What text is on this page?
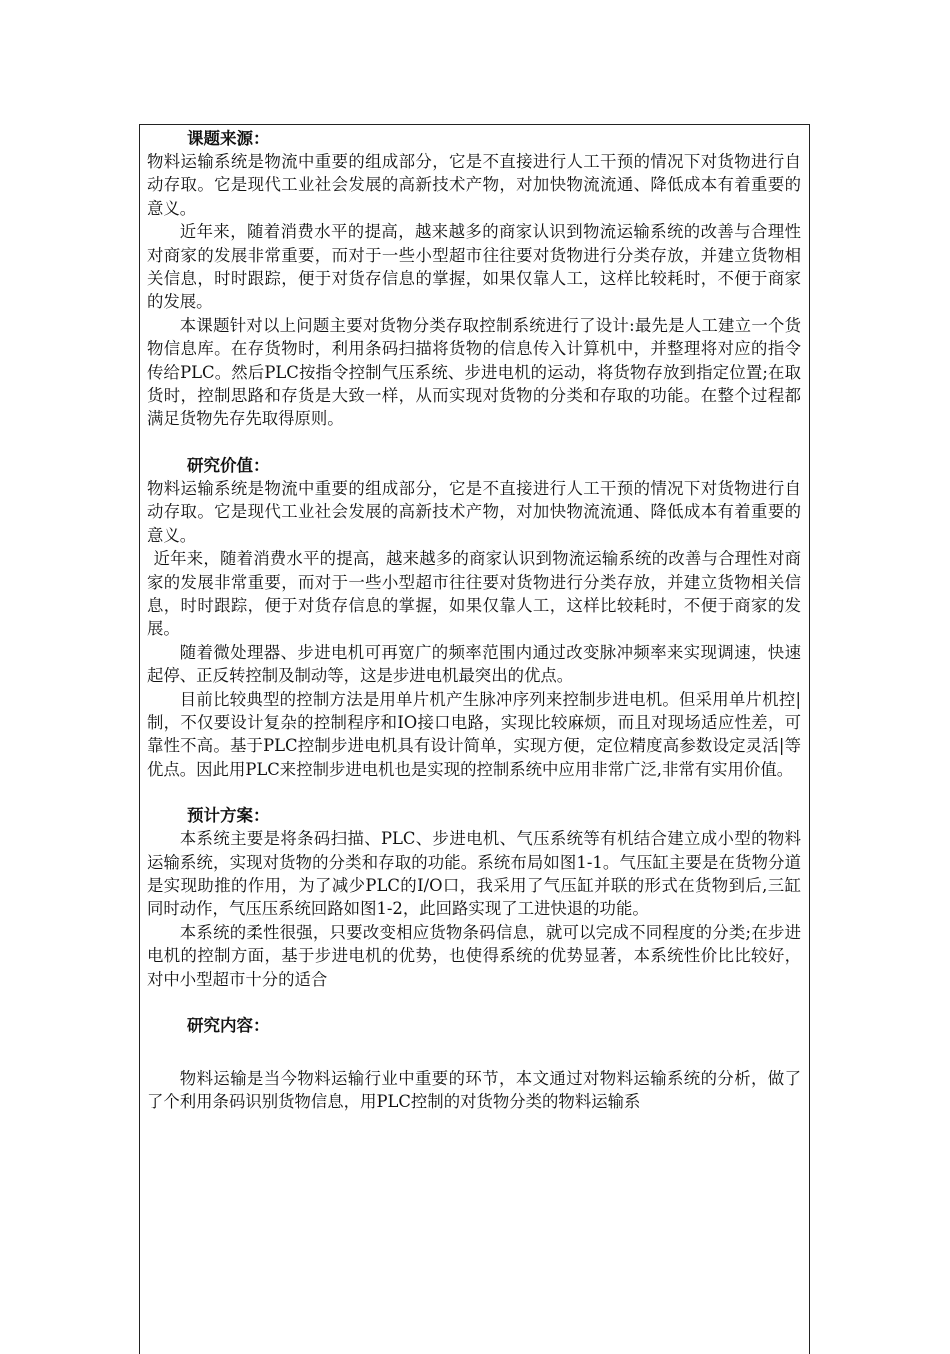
课题来源：

物料运输系统是物流中重要的组成部分，它是不直接进行人工干预的情况下对货物进行自动存取。它是现代工业社会发展的高新技术产物，对加快物流流通、降低成本有着重要的意义。

近年来，随着消费水平的提高，越来越多的商家认识到物流运输系统的改善与合理性对商家的发展非常重要，而对于一些小型超市往往要对货物进行分类存放，并建立货物相关信息，时时跟踪，便于对货存信息的掌握，如果仅靠人工，这样比较耗时，不便于商家的发展。

本课题针对以上问题主要对货物分类存取控制系统进行了设计:最先是人工建立一个货物信息库。在存货物时，利用条码扫描将货物的信息传入计算机中，并整理将对应的指令传给PLC。然后PLC按指令控制气压系统、步进电机的运动，将货物存放到指定位置;在取货时，控制思路和存货是大致一样，从而实现对货物的分类和存取的功能。在整个过程都满足货物先存先取得原则。

研究价值：

物料运输系统是物流中重要的组成部分，它是不直接进行人工干预的情况下对货物进行自动存取。它是现代工业社会发展的高新技术产物，对加快物流流通、降低成本有着重要的意义。

近年来，随着消费水平的提高，越来越多的商家认识到物流运输系统的改善与合理性对商家的发展非常重要，而对于一些小型超市往往要对货物进行分类存放，并建立货物相关信息，时时跟踪，便于对货存信息的掌握，如果仅靠人工，这样比较耗时，不便于商家的发展。

随着微处理器、步进电机可再宽广的频率范围内通过改变脉冲频率来实现调速，快速起停、正反转控制及制动等，这是步进电机最突出的优点。

目前比较典型的控制方法是用单片机产生脉冲序列来控制步进电机。但采用单片机控|制，不仅要设计复杂的控制程序和IO接口电路，实现比较麻烦，而且对现场适应性差，可靠性不高。基于PLC控制步进电机具有设计简单，实现方便，定位精度高参数设定灵活|等优点。因此用PLC来控制步进电机也是实现的控制系统中应用非常广泛,非常有实用价值。

预计方案：

本系统主要是将条码扫描、PLC、步进电机、气压系统等有机结合建立成小型的物料运输系统，实现对货物的分类和存取的功能。系统布局如图1-1。气压缸主要是在货物分道是实现助推的作用，为了减少PLC的I/O口，我采用了气压缸并联的形式在货物到后,三缸同时动作，气压压系统回路如图1-2，此回路实现了工进快退的功能。

本系统的柔性很强，只要改变相应货物条码信息，就可以完成不同程度的分类;在步进电机的控制方面，基于步进电机的优势，也使得系统的优势显著，本系统性价比比较好，对中小型超市十分的适合

研究内容：

物料运输是当今物料运输行业中重要的环节，本文通过对物料运输系统的分析，做了了个利用条码识别货物信息，用PLC控制的对货物分类的物料运输系
